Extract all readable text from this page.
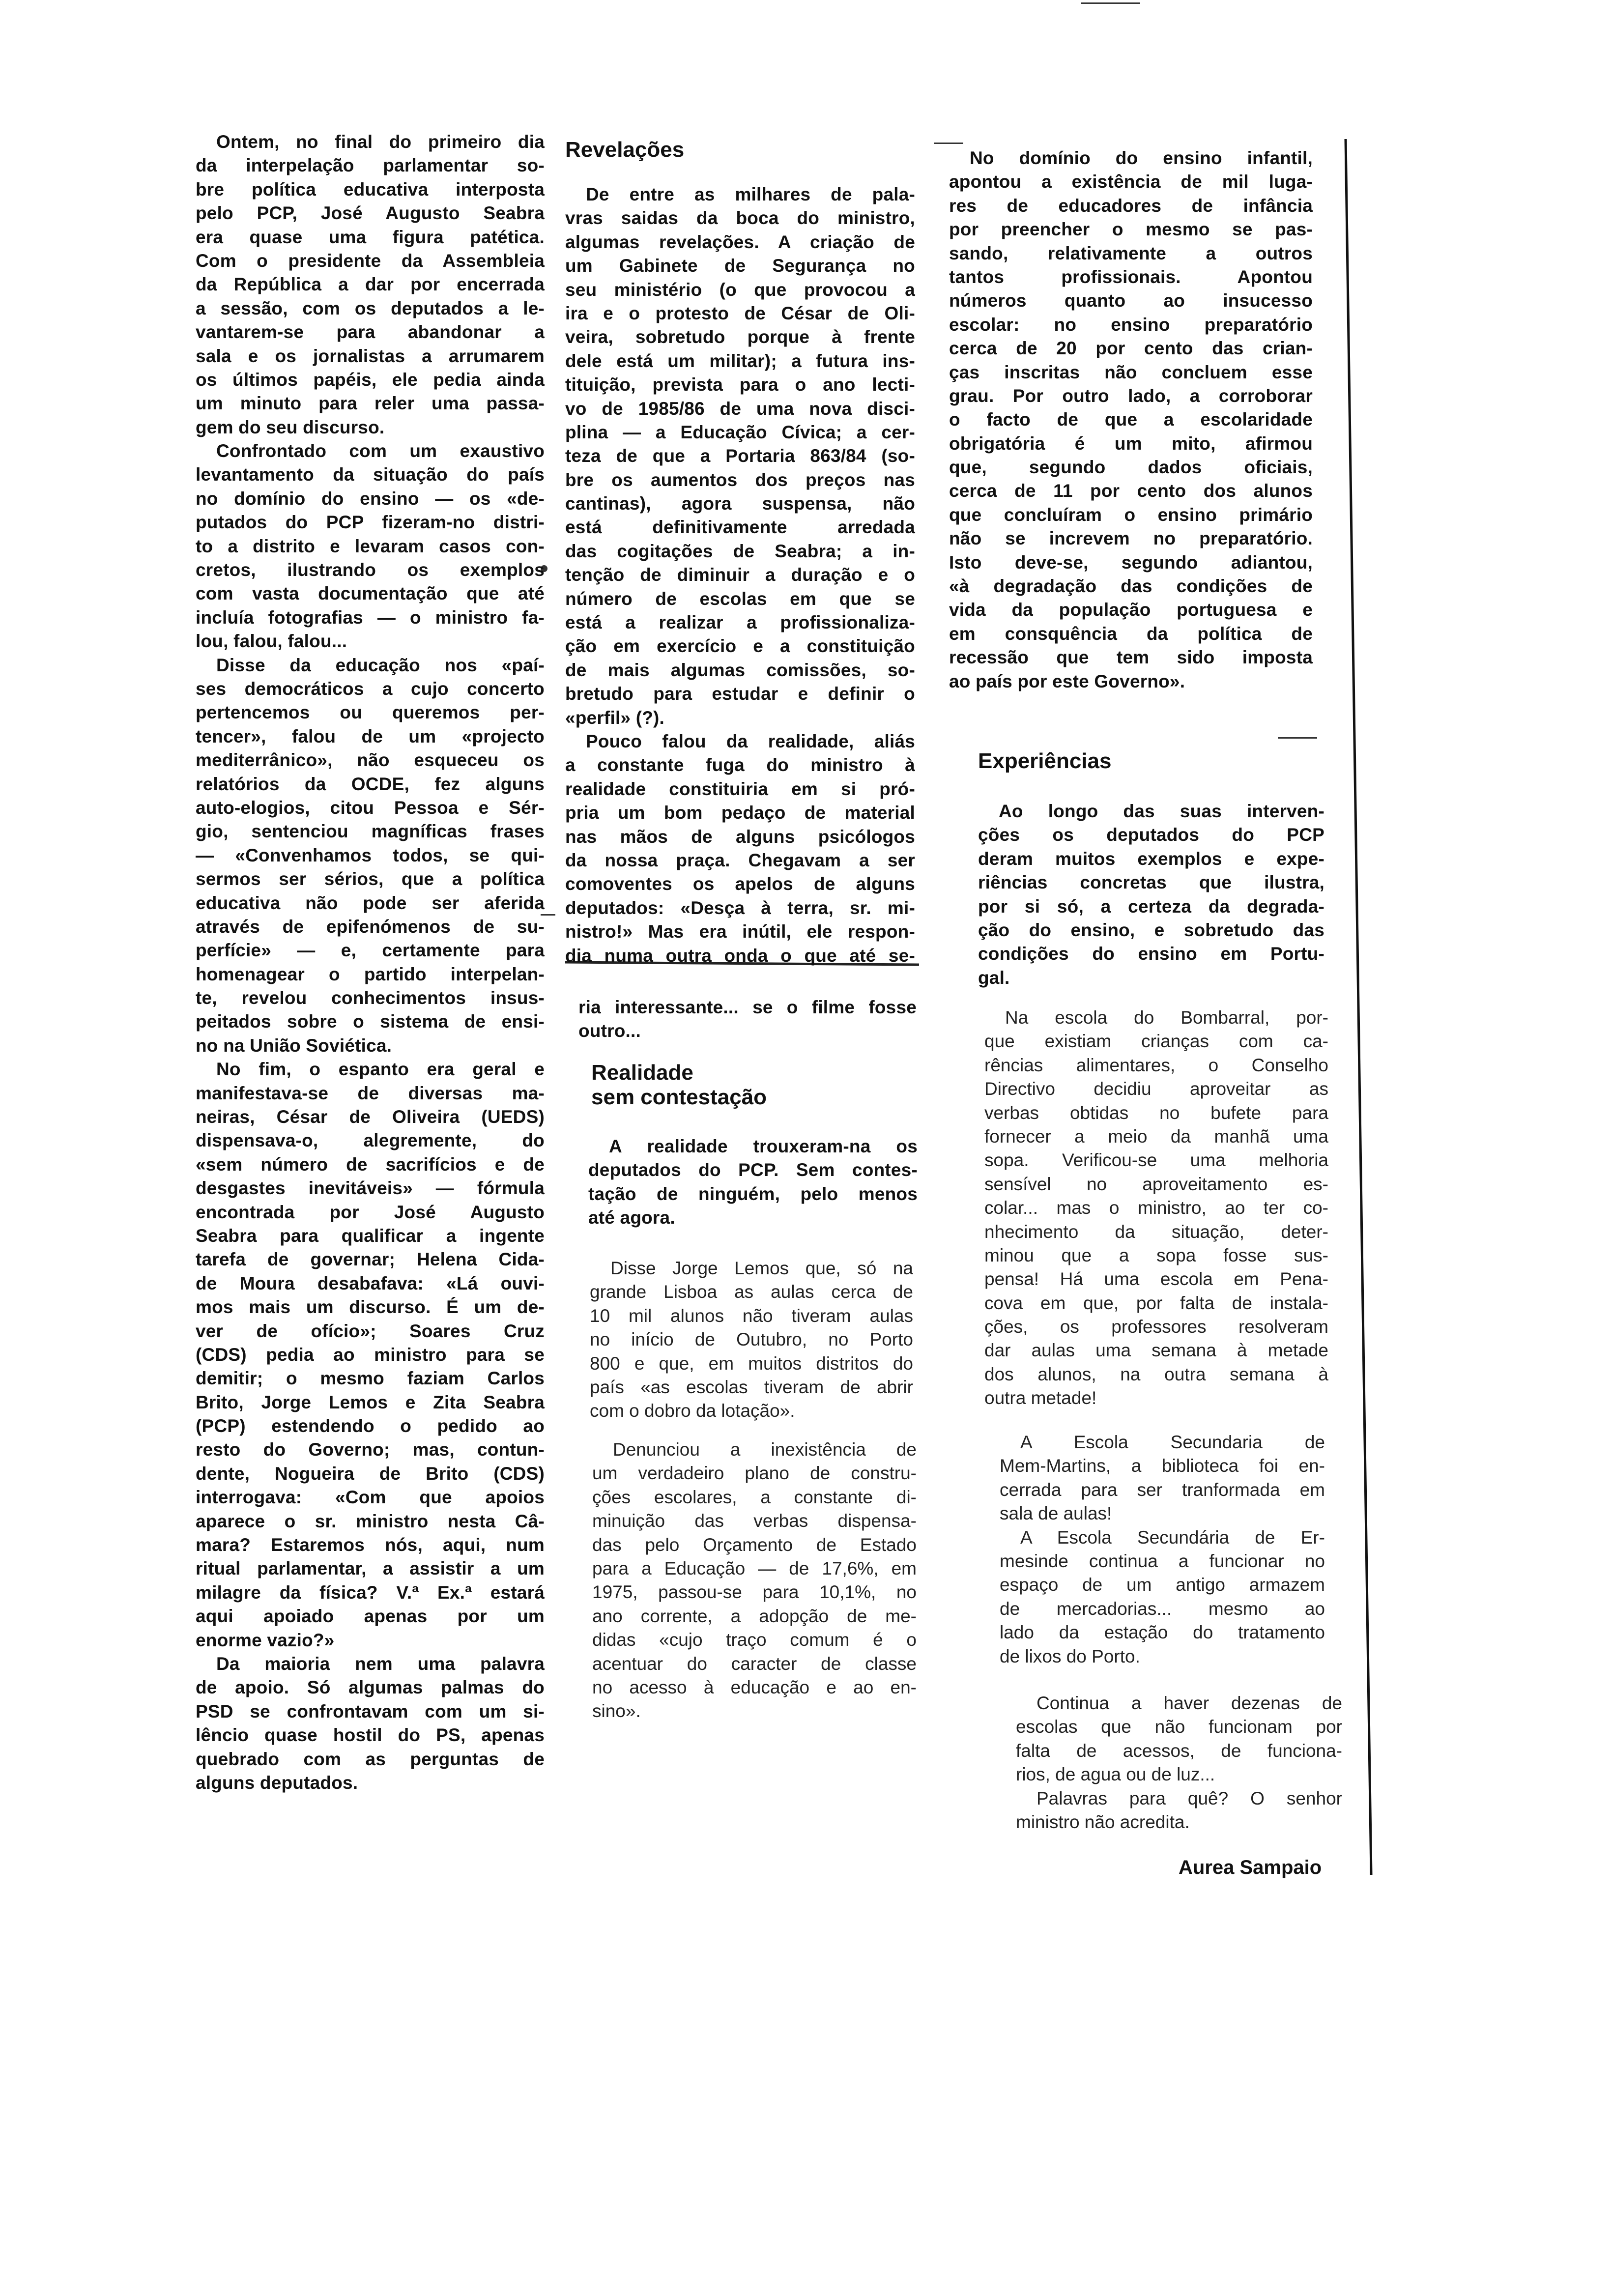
Revelações
Realidade
sem contestação
Experiências
Aurea Sampaio
Ontem, no final do primeiro dia
da interpelação parlamentar so-
bre política educativa interposta
pelo PCP, José Augusto Seabra
era quase uma figura patética.
Com o presidente da Assembleia
da República a dar por encerrada
a sessão, com os deputados a le-
vantarem-se para abandonar a
sala e os jornalistas a arrumarem
os últimos papéis, ele pedia ainda
um minuto para reler uma passa-
gem do seu discurso.
Confrontado com um exaustivo
levantamento da situação do país
no domínio do ensino — os «de-
putados do PCP fizeram-no distri-
to a distrito e levaram casos con-
cretos, ilustrando os exemplos
com vasta documentação que até
incluía fotografias — o ministro fa-
lou, falou, falou...
Disse da educação nos «paí-
ses democráticos a cujo concerto
pertencemos ou queremos per-
tencer», falou de um «projecto
mediterrânico», não esqueceu os
relatórios da OCDE, fez alguns
auto-elogios, citou Pessoa e Sér-
gio, sentenciou magníficas frases
— «Convenhamos todos, se qui-
sermos ser sérios, que a política
educativa não pode ser aferida
através de epifenómenos de su-
perfície» — e, certamente para
homenagear o partido interpelan-
te, revelou conhecimentos insus-
peitados sobre o sistema de ensi-
no na União Soviética.
No fim, o espanto era geral e
manifestava-se de diversas ma-
neiras, César de Oliveira (UEDS)
dispensava-o, alegremente, do
«sem número de sacrifícios e de
desgastes inevitáveis» — fórmula
encontrada por José Augusto
Seabra para qualificar a ingente
tarefa de governar; Helena Cida-
de Moura desabafava: «Lá ouvi-
mos mais um discurso. É um de-
ver de ofício»; Soares Cruz
(CDS) pedia ao ministro para se
demitir; o mesmo faziam Carlos
Brito, Jorge Lemos e Zita Seabra
(PCP) estendendo o pedido ao
resto do Governo; mas, contun-
dente, Nogueira de Brito (CDS)
interrogava: «Com que apoios
aparece o sr. ministro nesta Câ-
mara? Estaremos nós, aqui, num
ritual parlamentar, a assistir a um
milagre da física? V.ª Ex.ª estará
aqui apoiado apenas por um
enorme vazio?»
Da maioria nem uma palavra
de apoio. Só algumas palmas do
PSD se confrontavam com um si-
lêncio quase hostil do PS, apenas
quebrado com as perguntas de
alguns deputados.
De entre as milhares de pala-
vras saidas da boca do ministro,
algumas revelações. A criação de
um Gabinete de Segurança no
seu ministério (o que provocou a
ira e o protesto de César de Oli-
veira, sobretudo porque à frente
dele está um militar); a futura ins-
tituição, prevista para o ano lecti-
vo de 1985/86 de uma nova disci-
plina — a Educação Cívica; a cer-
teza de que a Portaria 863/84 (so-
bre os aumentos dos preços nas
cantinas), agora suspensa, não
está definitivamente arredada
das cogitações de Seabra; a in-
tenção de diminuir a duração e o
número de escolas em que se
está a realizar a profissionaliza-
ção em exercício e a constituição
de mais algumas comissões, so-
bretudo para estudar e definir o
«perfil» (?).
Pouco falou da realidade, aliás
a constante fuga do ministro à
realidade constituiria em si pró-
pria um bom pedaço de material
nas mãos de alguns psicólogos
da nossa praça. Chegavam a ser
comoventes os apelos de alguns
deputados: «Desça à terra, sr. mi-
nistro!» Mas era inútil, ele respon-
dia numa outra onda o que até se-
ria interessante... se o filme fosse
outro...
A realidade trouxeram-na os
deputados do PCP. Sem contes-
tação de ninguém, pelo menos
até agora.
Disse Jorge Lemos que, só na
grande Lisboa as aulas cerca de
10 mil alunos não tiveram aulas
no início de Outubro, no Porto
800 e que, em muitos distritos do
país «as escolas tiveram de abrir
com o dobro da lotação».
Denunciou a inexistência de
um verdadeiro plano de constru-
ções escolares, a constante di-
minuição das verbas dispensa-
das pelo Orçamento de Estado
para a Educação — de 17,6%, em
1975, passou-se para 10,1%, no
ano corrente, a adopção de me-
didas «cujo traço comum é o
acentuar do caracter de classe
no acesso à educação e ao en-
sino».
No domínio do ensino infantil,
apontou a existência de mil luga-
res de educadores de infância
por preencher o mesmo se pas-
sando, relativamente a outros
tantos profissionais. Apontou
números quanto ao insucesso
escolar: no ensino preparatório
cerca de 20 por cento das crian-
ças inscritas não concluem esse
grau. Por outro lado, a corroborar
o facto de que a escolaridade
obrigatória é um mito, afirmou
que, segundo dados oficiais,
cerca de 11 por cento dos alunos
que concluíram o ensino primário
não se increvem no preparatório.
Isto deve-se, segundo adiantou,
«à degradação das condições de
vida da população portuguesa e
em consquência da política de
recessão que tem sido imposta
ao país por este Governo».
Ao longo das suas interven-
ções os deputados do PCP
deram muitos exemplos e expe-
riências concretas que ilustra,
por si só, a certeza da degrada-
ção do ensino, e sobretudo das
condições do ensino em Portu-
gal.
Na escola do Bombarral, por-
que existiam crianças com ca-
rências alimentares, o Conselho
Directivo decidiu aproveitar as
verbas obtidas no bufete para
fornecer a meio da manhã uma
sopa. Verificou-se uma melhoria
sensível no aproveitamento es-
colar... mas o ministro, ao ter co-
nhecimento da situação, deter-
minou que a sopa fosse sus-
pensa! Há uma escola em Pena-
cova em que, por falta de instala-
ções, os professores resolveram
dar aulas uma semana à metade
dos alunos, na outra semana à
outra metade!
A Escola Secundaria de
Mem-Martins, a biblioteca foi en-
cerrada para ser tranformada em
sala de aulas!
A Escola Secundária de Er-
mesinde continua a funcionar no
espaço de um antigo armazem
de mercadorias... mesmo ao
lado da estação do tratamento
de lixos do Porto.
Continua a haver dezenas de
escolas que não funcionam por
falta de acessos, de funciona-
rios, de agua ou de luz...
Palavras para quê? O senhor
ministro não acredita.
